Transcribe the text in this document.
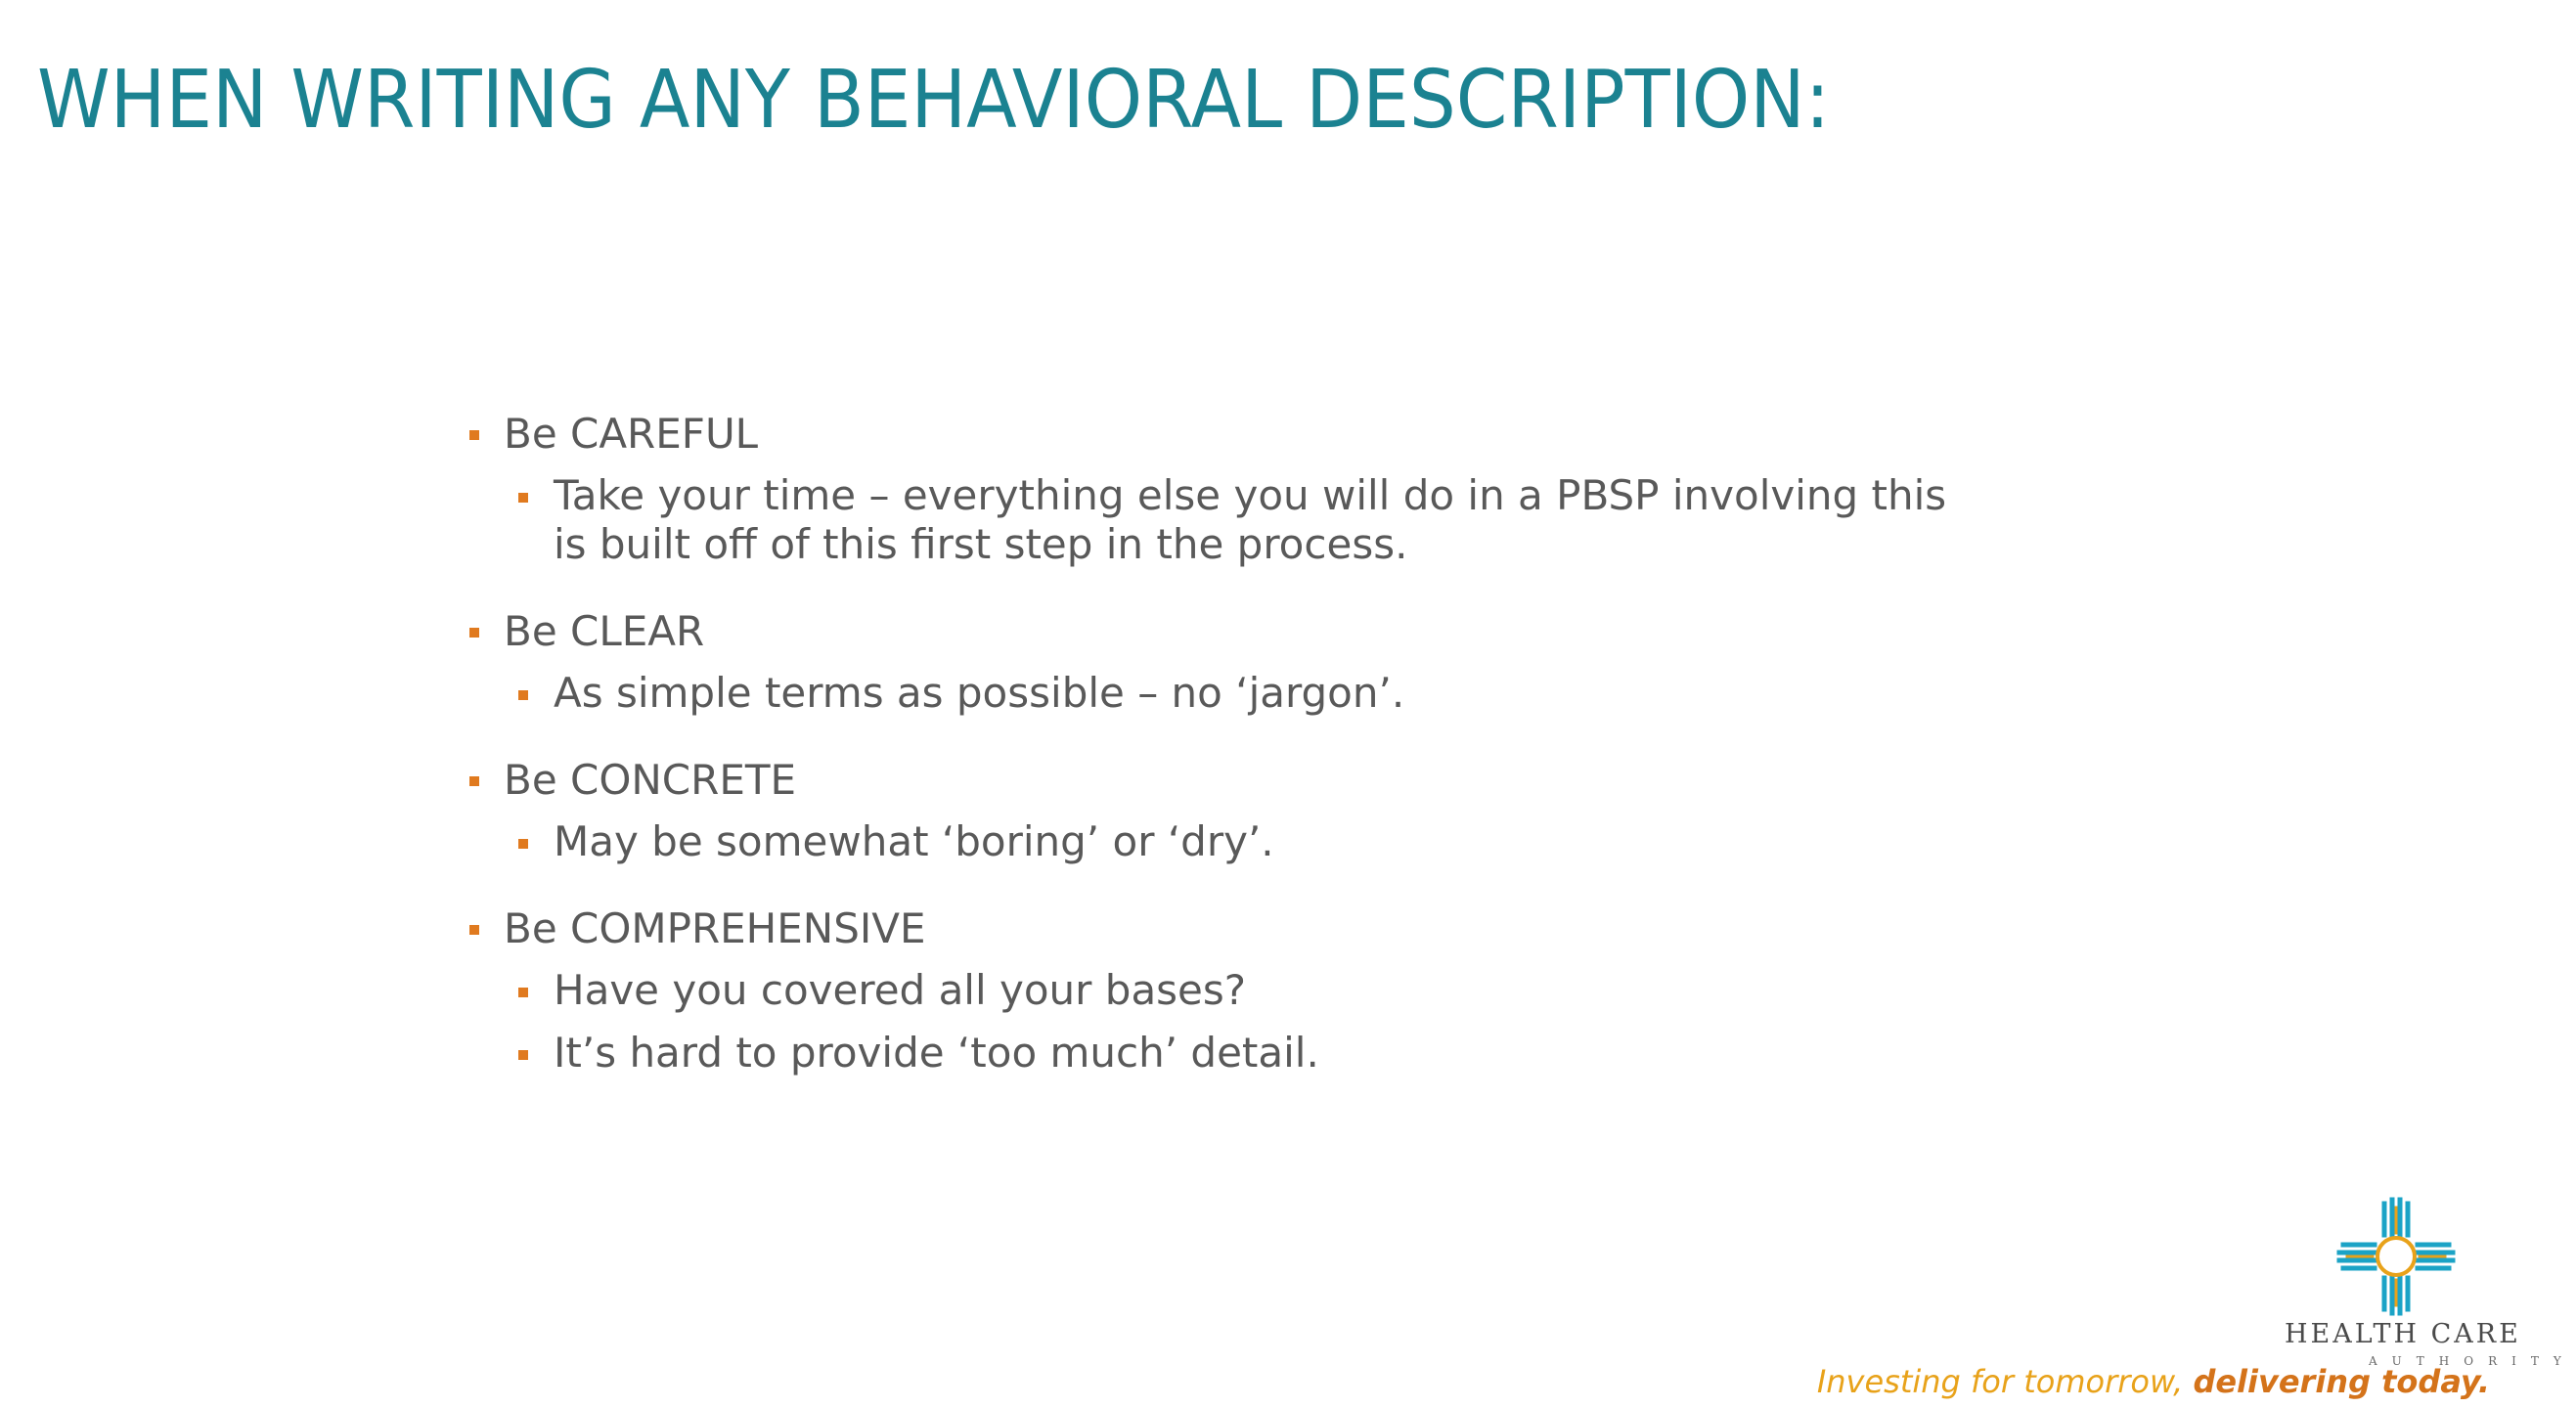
WHEN WRITING ANY BEHAVIORAL DESCRIPTION:
Be CAREFUL
Take your time – everything else you will do in a PBSP involving this is built off of this first step in the process.
Be CLEAR
As simple terms as possible – no ‘jargon’.
Be CONCRETE
May be somewhat ‘boring’ or ‘dry’.
Be COMPREHENSIVE
Have you covered all your bases?
It’s hard to provide ‘too much’ detail.
HEALTH CARE
AUTHORITY
Investing for tomorrow, delivering today.
